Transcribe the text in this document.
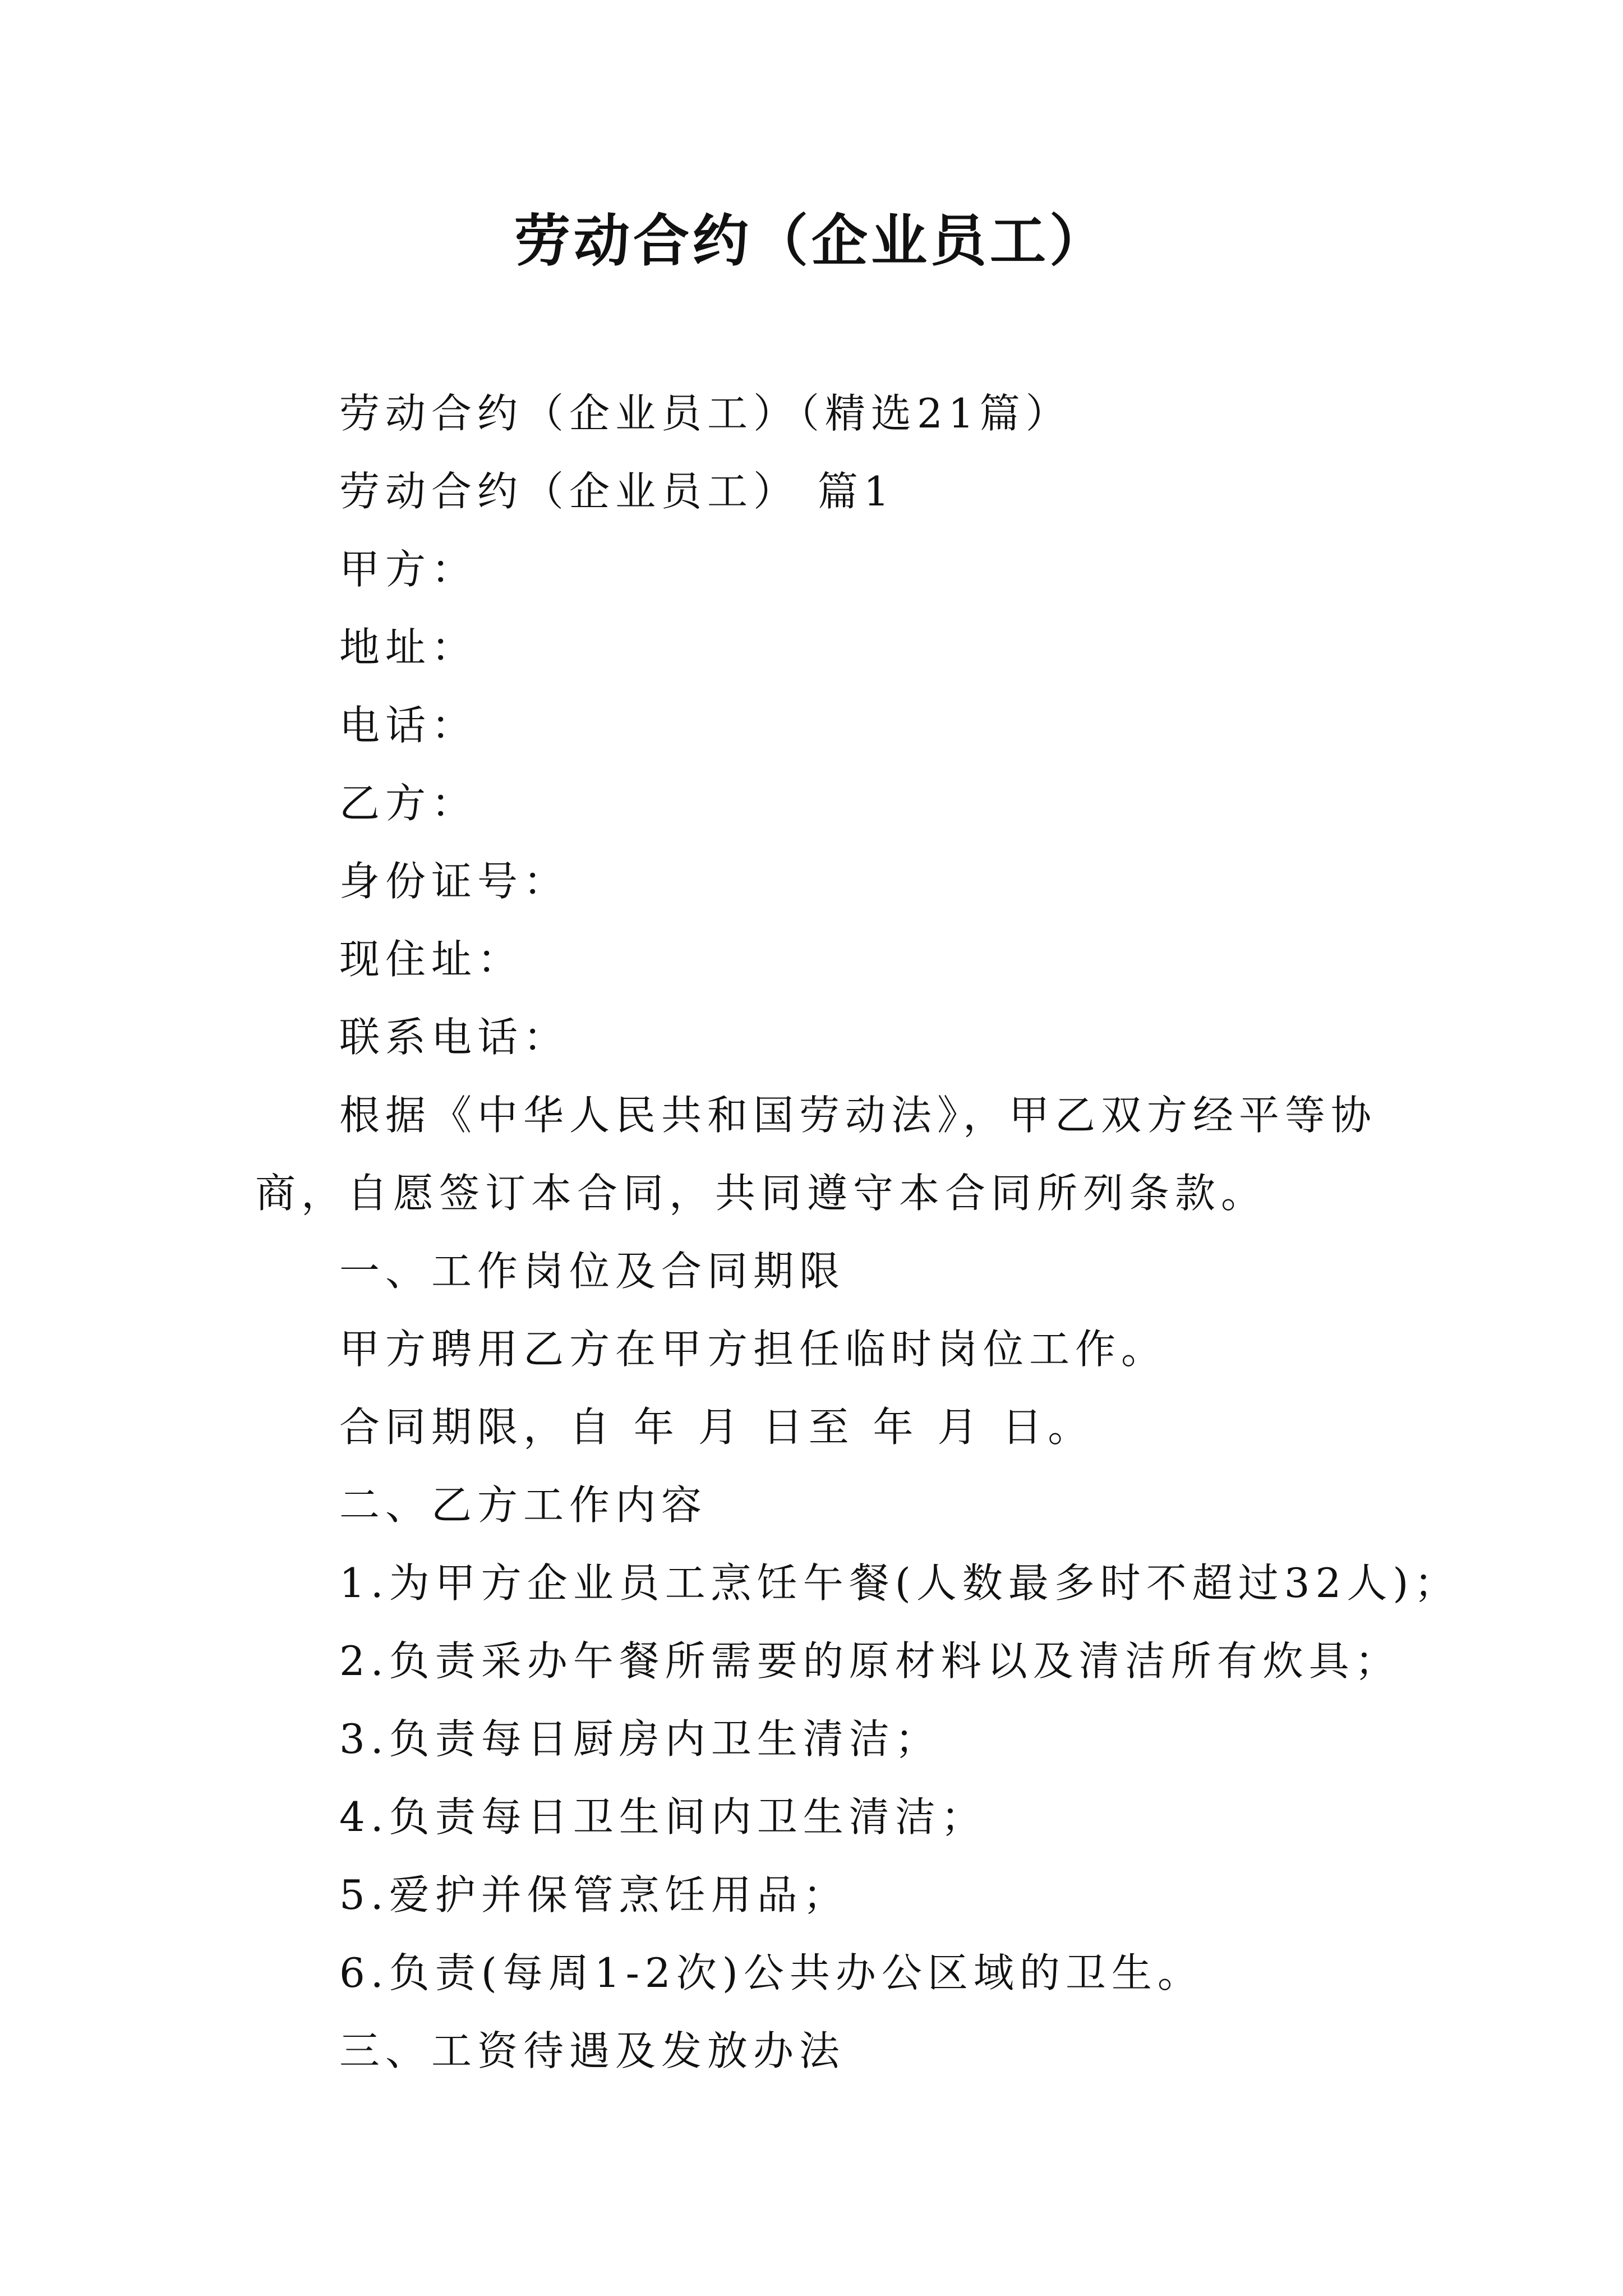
劳动合约（企业员工）

劳动合约（企业员工）（精选21篇）

劳动合约（企业员工） 篇1

甲方：

地址：

电话：

乙方：

身份证号：

现住址：

联系电话：

根据《中华人民共和国劳动法》，甲乙双方经平等协商，自愿签订本合同，共同遵守本合同所列条款。

一、工作岗位及合同期限

甲方聘用乙方在甲方担任临时岗位工作。

合同期限，自 年 月 日至 年 月 日。

二、乙方工作内容

1.为甲方企业员工烹饪午餐(人数最多时不超过32人)；

2.负责采办午餐所需要的原材料以及清洁所有炊具；

3.负责每日厨房内卫生清洁；

4.负责每日卫生间内卫生清洁；

5.爱护并保管烹饪用品；

6.负责(每周1-2次)公共办公区域的卫生。

三、工资待遇及发放办法
